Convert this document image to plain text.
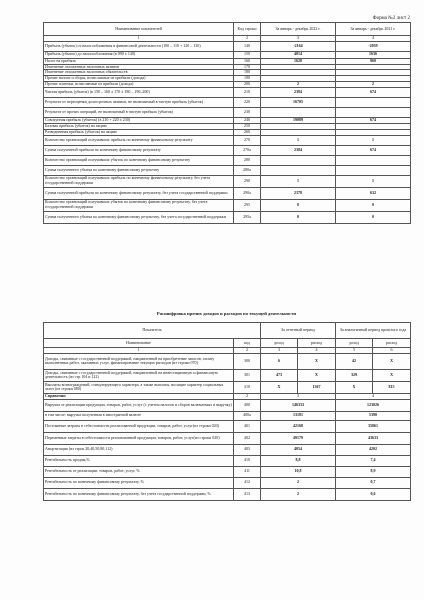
Форма №2 лист 2
Наименование показателей	Код строки	За январь - декабрь 2022 г.	За январь - декабрь 2021 г.
1	2	3	4
Прибыль (убыток) от налогообложения и финансовой деятельности (100 – 110 + 120 – 130)	140	-2164	-2059
Прибыль (убыток) до налогообложения (в 090 ± 140)	150	4014	1636
Налог на прибыль	160	1628	960
Изменение отложенных налоговых активов	170		
Изменение отложенных налоговых обязательств	180		
Прочие налоги и сборы, исчисляемые из прибыли (дохода)	190		
Прочие платежи, исчисляемые из прибыли (дохода)	200	2	2
Чистая прибыль (убыток) (в 150 – 160 ± 170 ± 180 – 190–200)	210	2384	674
Результат от переоценки долгосрочных активов, не включаемый в чистую прибыль (убыток)	220	16705	
Результат от прочих операций, не включаемый в чистую прибыль (убыток)	230		
Совокупная прибыль (убыток) (в 210 + 220 ± 230)	240	19089	674
Базовая прибыль (убыток) на акцию	250		
Разводненная прибыль (убыток) на акцию	260		
Количество организаций получивших прибыль по конечному финансовому результату	270	1	1
Сумма полученной прибыли по конечному финансовому результату	270а	2384	674
Количество организаций получивших убыток по конечному финансовому результату	280		
Сумма полученного убытка по конечному финансовому результату	280а		
Количество организаций получивших прибыль по конечному финансовому результату, без учета государственной поддержки	290	1	1
Сумма полученной прибыли по конечному финансовому результату, без учета государственной поддержки	290а	2378	632
Количество организаций получивших убыток по конечному финансовому результату, без учета государственной поддержки	295	0	0
Сумма полученного убытка по конечному финансовому результату, без учета государственной поддержки	295а	0	0
Расшифровка прочих доходов и расходов по текущей деятельности
Показатель		За отчетный период		За аналогичный период прошлого года	
Наименование	код	доход	расход	доход	расход
1	2	3	4	5	6
Доходы, связанные с государственной поддержкой, направленной на приобретение запасов, оплату выполненных работ, оказанных услуг, финансирование текущих расходов (из строки 070)	300	6	X	42	X
Доходы, связанные с государственной поддержкой, направленной на инвестиционную и финансовую деятельность (из стр.104 и 122)	301	473	X	329	X
Выплаты вознаграждений, стимулирующего характера, а также выплаты, носящие характер социальных льгот (из строки 080)	310	X	1367	X	815
Справочно:	2	3		4	
Выручка от реализации продукции, товаров, работ, услуг (с учетом налогов и сборов включаемых в выручку)	400	146333		123026	
в том числе: выручка полученная в иностранной валюте	400а	13181		5390	
Постоянные затраты в себестоимости реализованной продукции, товаров, работ, услуг(из строки 020)	401	42168		35061	
Переменные затраты в себестоимости реализованной продукции, товаров, работ, услуг(из строки 020)	402	49179		43633	
Амортизация (из строк 20,40,50,80,112)	403	4054		4202	
Рентабельность продаж,%	410	8,8		7,4	
Рентабельность от реализации, товаров, работ, услуг, %	411	10,8		8,9	
Рентабельность по конечному финансовому результату, %	412	2		0,7	
Рентабельность по конечному финансовому результату, без учета государственной поддержки, %	413	2		0,6	
